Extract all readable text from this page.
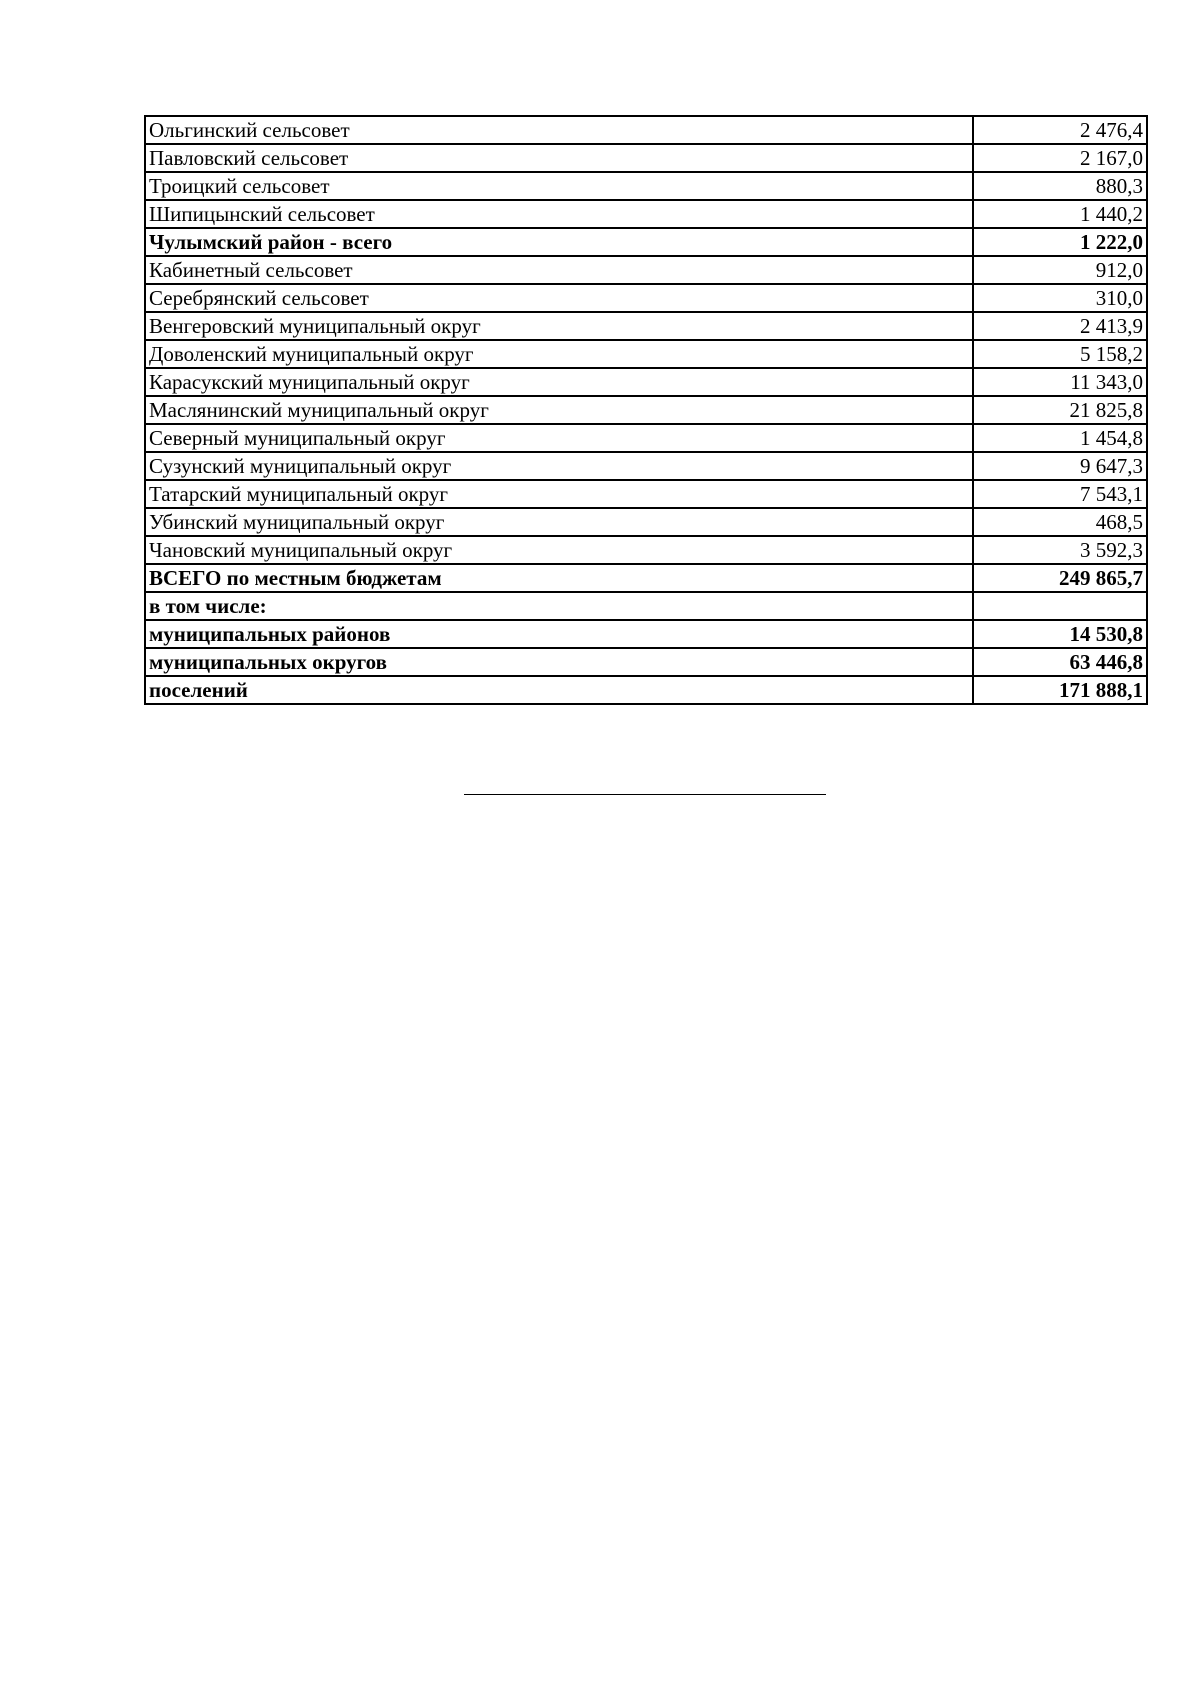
Ольгинский сельсовет	2 476,4
Павловский сельсовет	2 167,0
Троицкий сельсовет	880,3
Шипицынский сельсовет	1 440,2
Чулымский район - всего	1 222,0
Кабинетный сельсовет	912,0
Серебрянский сельсовет	310,0
Венгеровский муниципальный округ	2 413,9
Доволенский муниципальный округ	5 158,2
Карасукский муниципальный округ	11 343,0
Маслянинский муниципальный округ	21 825,8
Северный муниципальный округ	1 454,8
Сузунский муниципальный округ	9 647,3
Татарский муниципальный округ	7 543,1
Убинский муниципальный округ	468,5
Чановский муниципальный округ	3 592,3
ВСЕГО по местным бюджетам	249 865,7
в том числе:	
муниципальных районов	14 530,8
муниципальных округов	63 446,8
поселений	171 888,1
